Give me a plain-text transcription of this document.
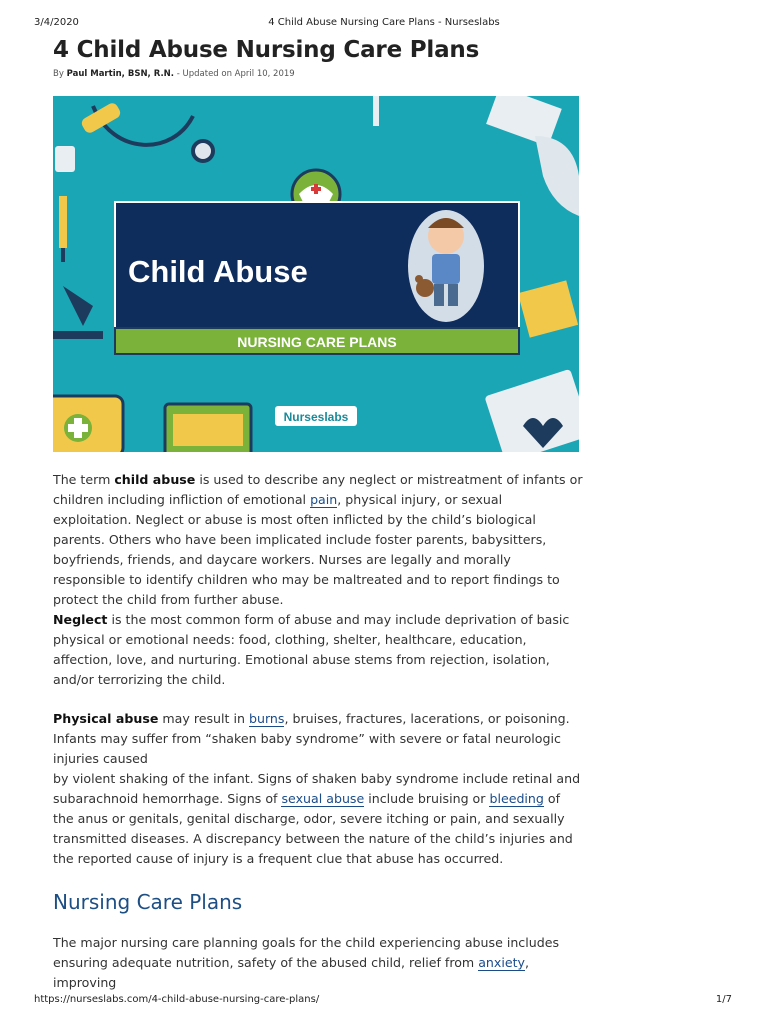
3/4/2020	4 Child Abuse Nursing Care Plans - Nurseslabs
4 Child Abuse Nursing Care Plans
By Paul Martin, BSN, R.N. - Updated on April 10, 2019
Child Abuse
NURSING CARE PLANS
Nurseslabs

The term child abuse is used to describe any neglect or mistreatment of infants or children including infliction of emotional pain, physical injury, or sexual exploitation. Neglect or abuse is most often inflicted by the child’s biological parents. Others who have been implicated include foster parents, babysitters, boyfriends, friends, and daycare workers. Nurses are legally and morally responsible to identify children who may be maltreated and to report findings to protect the child from further abuse.

Neglect is the most common form of abuse and may include deprivation of basic physical or emotional needs: food, clothing, shelter, healthcare, education, affection, love, and nurturing. Emotional abuse stems from rejection, isolation, and/or terrorizing the child.

Physical abuse may result in burns, bruises, fractures, lacerations, or poisoning. Infants may suffer from “shaken baby syndrome” with severe or fatal neurologic injuries caused
by violent shaking of the infant. Signs of shaken baby syndrome include retinal and subarachnoid hemorrhage. Signs of sexual abuse include bruising or bleeding of the anus or genitals, genital discharge, odor, severe itching or pain, and sexually transmitted diseases. A discrepancy between the nature of the child’s injuries and the reported cause of injury is a frequent clue that abuse has occurred.

Nursing Care Plans

The major nursing care planning goals for the child experiencing abuse includes ensuring adequate nutrition, safety of the abused child, relief from anxiety, improving

https://nurseslabs.com/4-child-abuse-nursing-care-plans/	1/7
